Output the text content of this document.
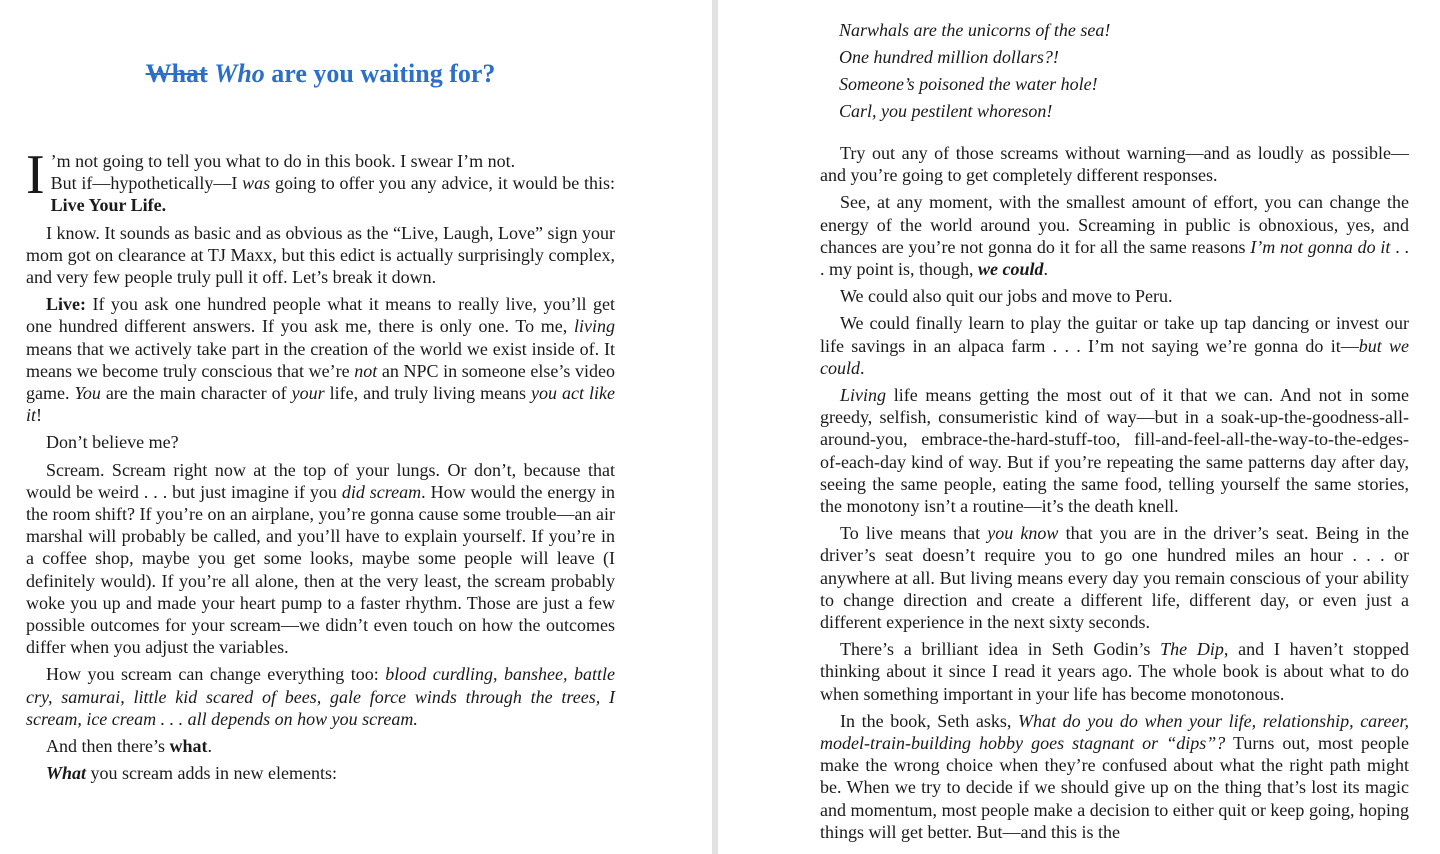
What Who are you waiting for?

I ’m not going to tell you what to do in this book. I swear I’m not.
But if—hypothetically—I was going to offer you any advice, it would be this: Live Your Life.

I know. It sounds as basic and as obvious as the “Live, Laugh, Love” sign your mom got on clearance at TJ Maxx, but this edict is actually surprisingly complex, and very few people truly pull it off. Let’s break it down.

Live: If you ask one hundred people what it means to really live, you’ll get one hundred different answers. If you ask me, there is only one. To me, living means that we actively take part in the creation of the world we exist inside of. It means we become truly conscious that we’re not an NPC in someone else’s video game. You are the main character of your life, and truly living means you act like it!

Don’t believe me?

Scream. Scream right now at the top of your lungs. Or don’t, because that would be weird . . . but just imagine if you did scream. How would the energy in the room shift? If you’re on an airplane, you’re gonna cause some trouble—an air marshal will probably be called, and you’ll have to explain yourself. If you’re in a coffee shop, maybe you get some looks, maybe some people will leave (I definitely would). If you’re all alone, then at the very least, the scream probably woke you up and made your heart pump to a faster rhythm. Those are just a few possible outcomes for your scream—we didn’t even touch on how the outcomes differ when you adjust the variables.

How you scream can change everything too: blood curdling, banshee, battle cry, samurai, little kid scared of bees, gale force winds through the trees, I scream, ice cream . . . all depends on how you scream.

And then there’s what.

What you scream adds in new elements:

Narwhals are the unicorns of the sea!
One hundred million dollars?!
Someone’s poisoned the water hole!
Carl, you pestilent whoreson!

Try out any of those screams without warning—and as loudly as possible—and you’re going to get completely different responses.

See, at any moment, with the smallest amount of effort, you can change the energy of the world around you. Screaming in public is obnoxious, yes, and chances are you’re not gonna do it for all the same reasons I’m not gonna do it . . . my point is, though, we could.

We could also quit our jobs and move to Peru.

We could finally learn to play the guitar or take up tap dancing or invest our life savings in an alpaca farm . . . I’m not saying we’re gonna do it—but we could.

Living life means getting the most out of it that we can. And not in some greedy, selfish, consumeristic kind of way—but in a soak-up-the-goodness-all-around-you, embrace-the-hard-stuff-too, fill-and-feel-all-the-way-to-the-edges-of-each-day kind of way. But if you’re repeating the same patterns day after day, seeing the same people, eating the same food, telling yourself the same stories, the monotony isn’t a routine—it’s the death knell.

To live means that you know that you are in the driver’s seat. Being in the driver’s seat doesn’t require you to go one hundred miles an hour . . . or anywhere at all. But living means every day you remain conscious of your ability to change direction and create a different life, different day, or even just a different experience in the next sixty seconds.

There’s a brilliant idea in Seth Godin’s The Dip, and I haven’t stopped thinking about it since I read it years ago. The whole book is about what to do when something important in your life has become monotonous.

In the book, Seth asks, What do you do when your life, relationship, career, model-train-building hobby goes stagnant or “dips”? Turns out, most people make the wrong choice when they’re confused about what the right path might be. When we try to decide if we should give up on the thing that’s lost its magic and momentum, most people make a decision to either quit or keep going, hoping things will get better. But—and this is the
